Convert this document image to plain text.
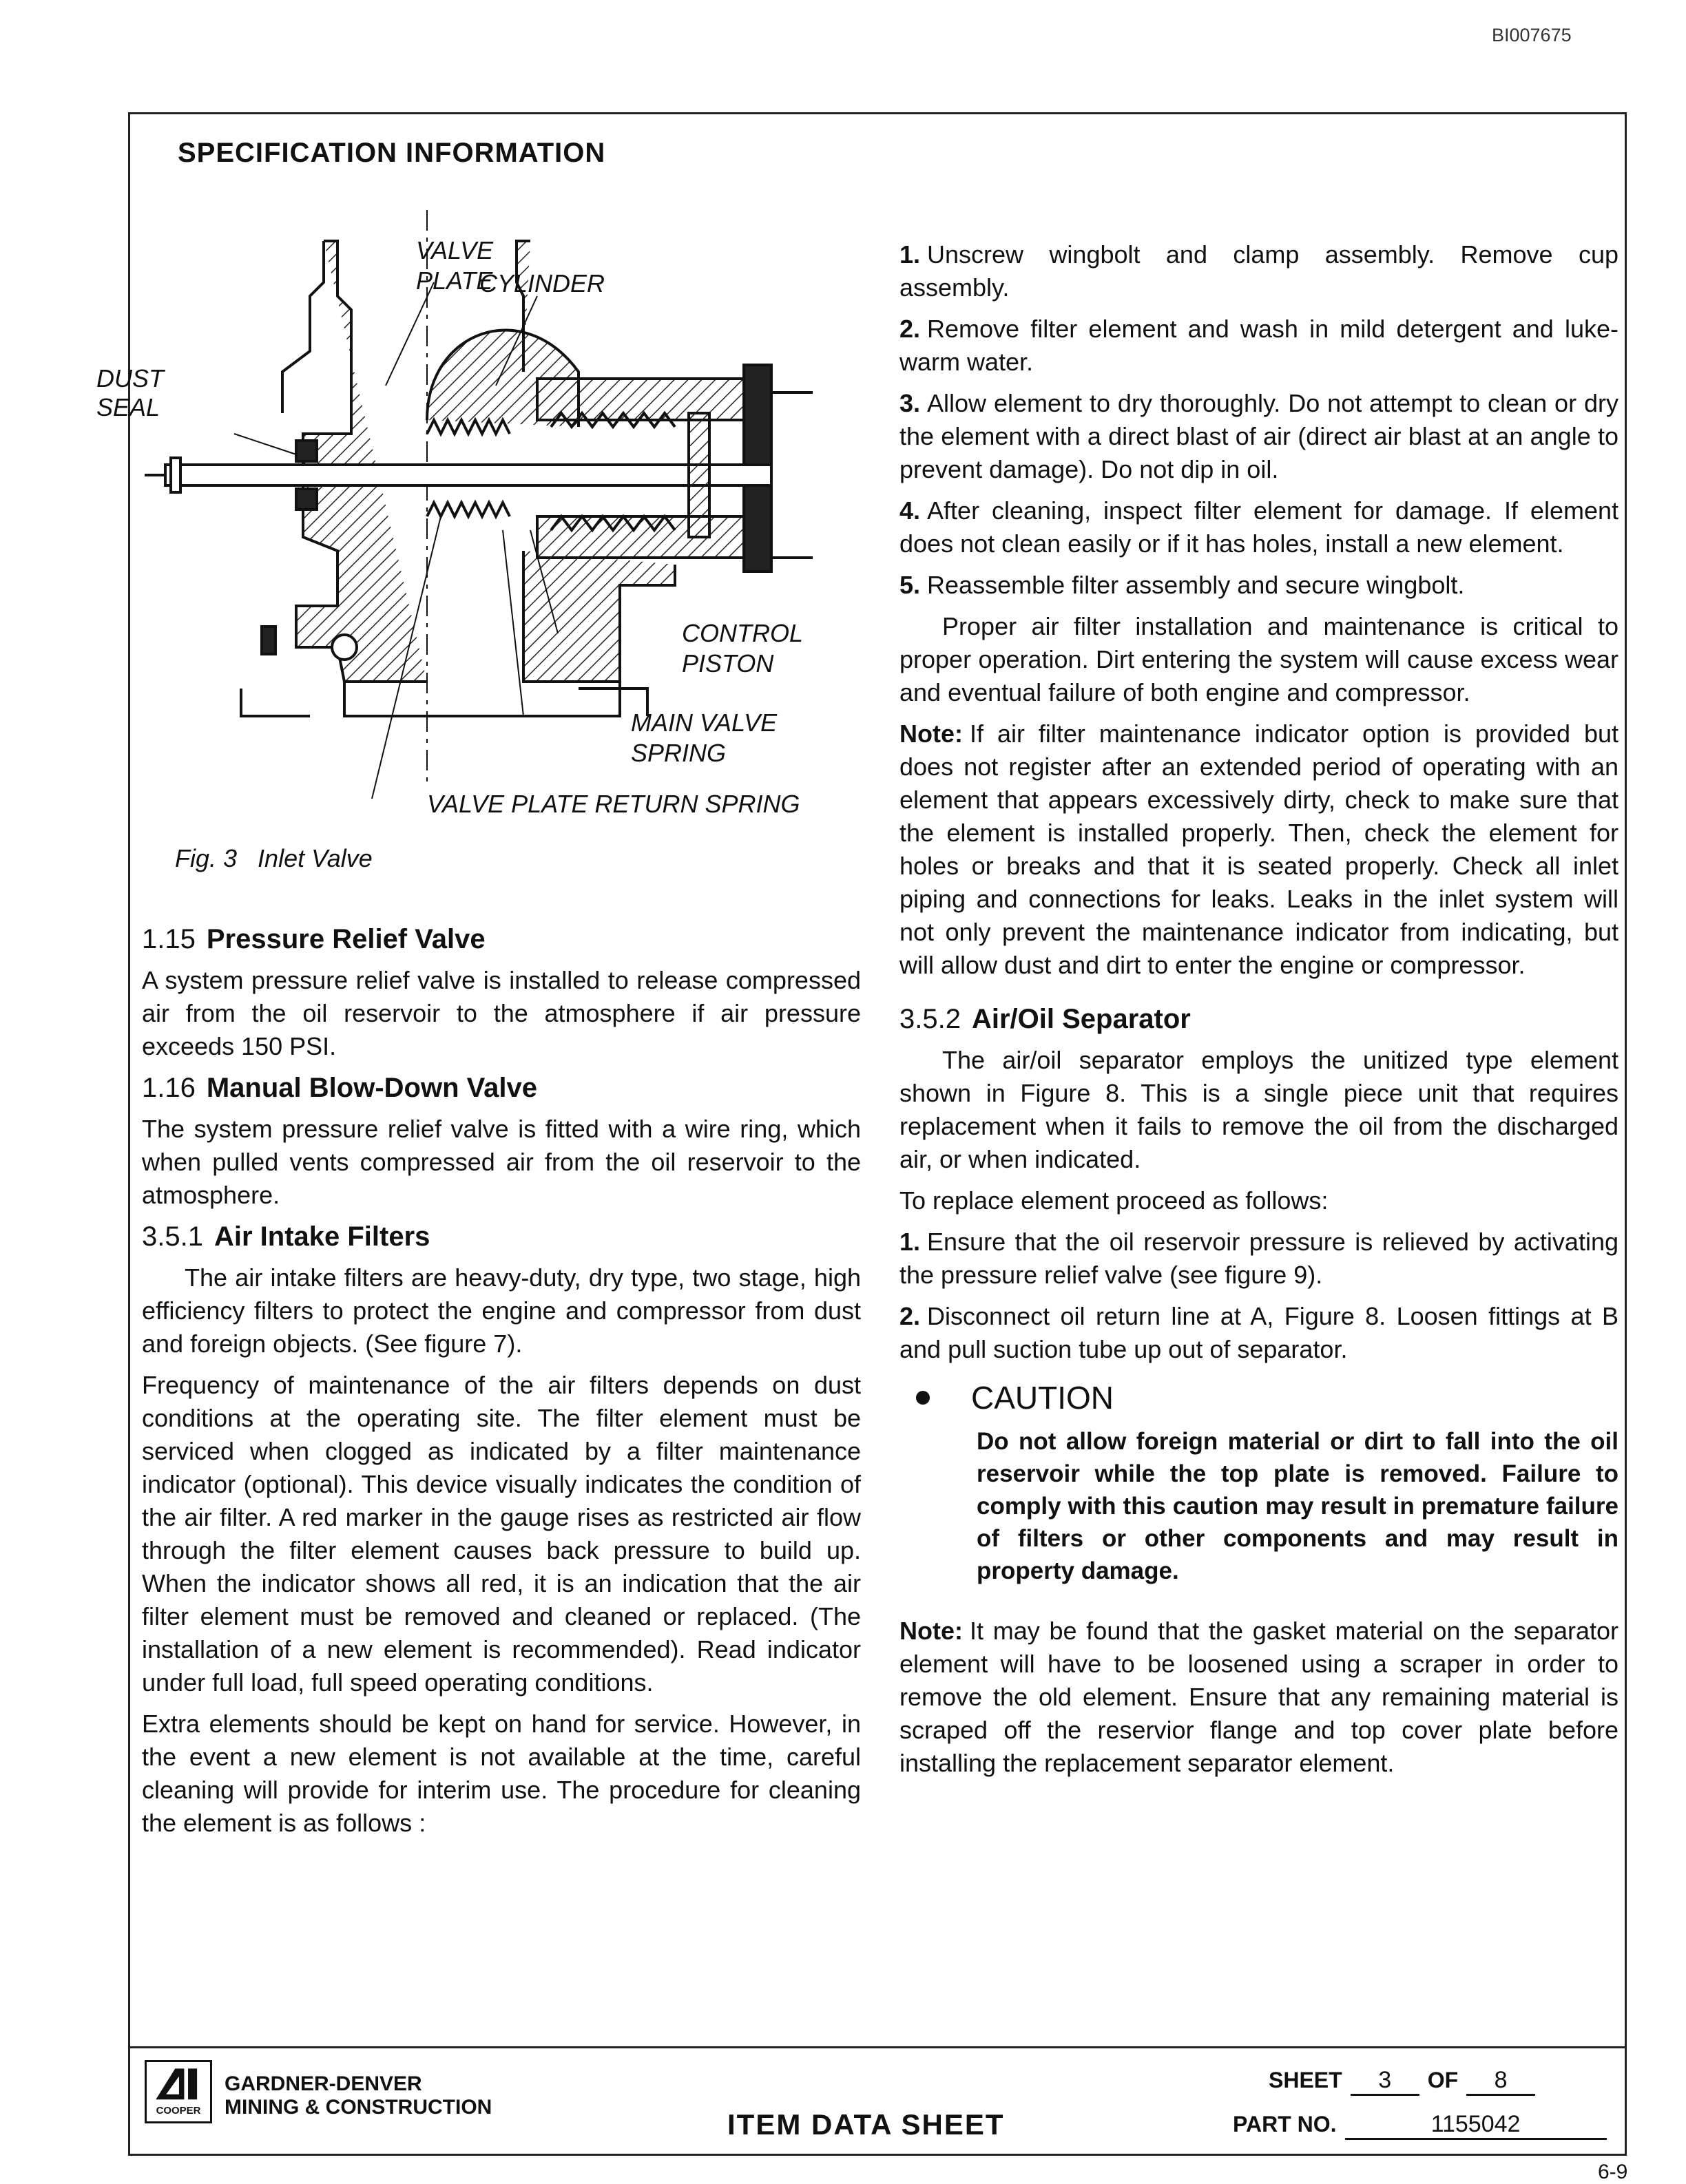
BI007675
SPECIFICATION INFORMATION
VALVE
PLATE
CYLINDER
DUST
SEAL
CONTROL
PISTON
MAIN VALVE
SPRING
VALVE PLATE RETURN SPRING
Fig. 3 Inlet Valve
1.15 Pressure Relief Valve

A system pressure relief valve is installed to release compressed air from the oil reservoir to the atmosphere if air pressure exceeds 150 PSI.

1.16 Manual Blow-Down Valve

The system pressure relief valve is fitted with a wire ring, which when pulled vents compressed air from the oil reservoir to the atmosphere.

3.5.1 Air Intake Filters

The air intake filters are heavy-duty, dry type, two stage, high efficiency filters to protect the engine and compressor from dust and foreign objects. (See figure 7).

Frequency of maintenance of the air filters depends on dust conditions at the operating site. The filter element must be serviced when clogged as indicated by a filter maintenance indicator (optional). This device visually indicates the condition of the air filter. A red marker in the gauge rises as restricted air flow through the filter element causes back pressure to build up. When the indicator shows all red, it is an indication that the air filter element must be removed and cleaned or replaced. (The installation of a new element is recommended). Read indicator under full load, full speed operating conditions.

Extra elements should be kept on hand for service. However, in the event a new element is not available at the time, careful cleaning will provide for interim use. The procedure for cleaning the element is as follows :

1. Unscrew wingbolt and clamp assembly. Remove cup assembly.
2. Remove filter element and wash in mild detergent and luke-warm water.
3. Allow element to dry thoroughly. Do not attempt to clean or dry the element with a direct blast of air (direct air blast at an angle to prevent damage). Do not dip in oil.
4. After cleaning, inspect filter element for damage. If element does not clean easily or if it has holes, install a new element.
5. Reassemble filter assembly and secure wingbolt.

Proper air filter installation and maintenance is critical to proper operation. Dirt entering the system will cause excess wear and eventual failure of both engine and compressor.

Note: If air filter maintenance indicator option is provided but does not register after an extended period of operating with an element that appears excessively dirty, check to make sure that the element is installed properly. Then, check the element for holes or breaks and that it is seated properly. Check all inlet piping and connections for leaks. Leaks in the inlet system will not only prevent the maintenance indicator from indicating, but will allow dust and dirt to enter the engine or compressor.

3.5.2 Air/Oil Separator

The air/oil separator employs the unitized type element shown in Figure 8. This is a single piece unit that requires replacement when it fails to remove the oil from the discharged air, or when indicated.

To replace element proceed as follows:

1. Ensure that the oil reservoir pressure is relieved by activating the pressure relief valve (see figure 9).
2. Disconnect oil return line at A, Figure 8. Loosen fittings at B and pull suction tube up out of separator.
CAUTION
Do not allow foreign material or dirt to fall into the oil reservoir while the top plate is removed. Failure to comply with this caution may result in premature failure of filters or other components and may result in property damage.

Note: It may be found that the gasket material on the separator element will have to be loosened using a scraper in order to remove the old element. Ensure that any remaining material is scraped off the reservior flange and top cover plate before installing the replacement separator element.

COOPER
GARDNER-DENVER
MINING & CONSTRUCTION
ITEM DATA SHEET
SHEET 3 OF 8
PART NO.	1155042
6-9
